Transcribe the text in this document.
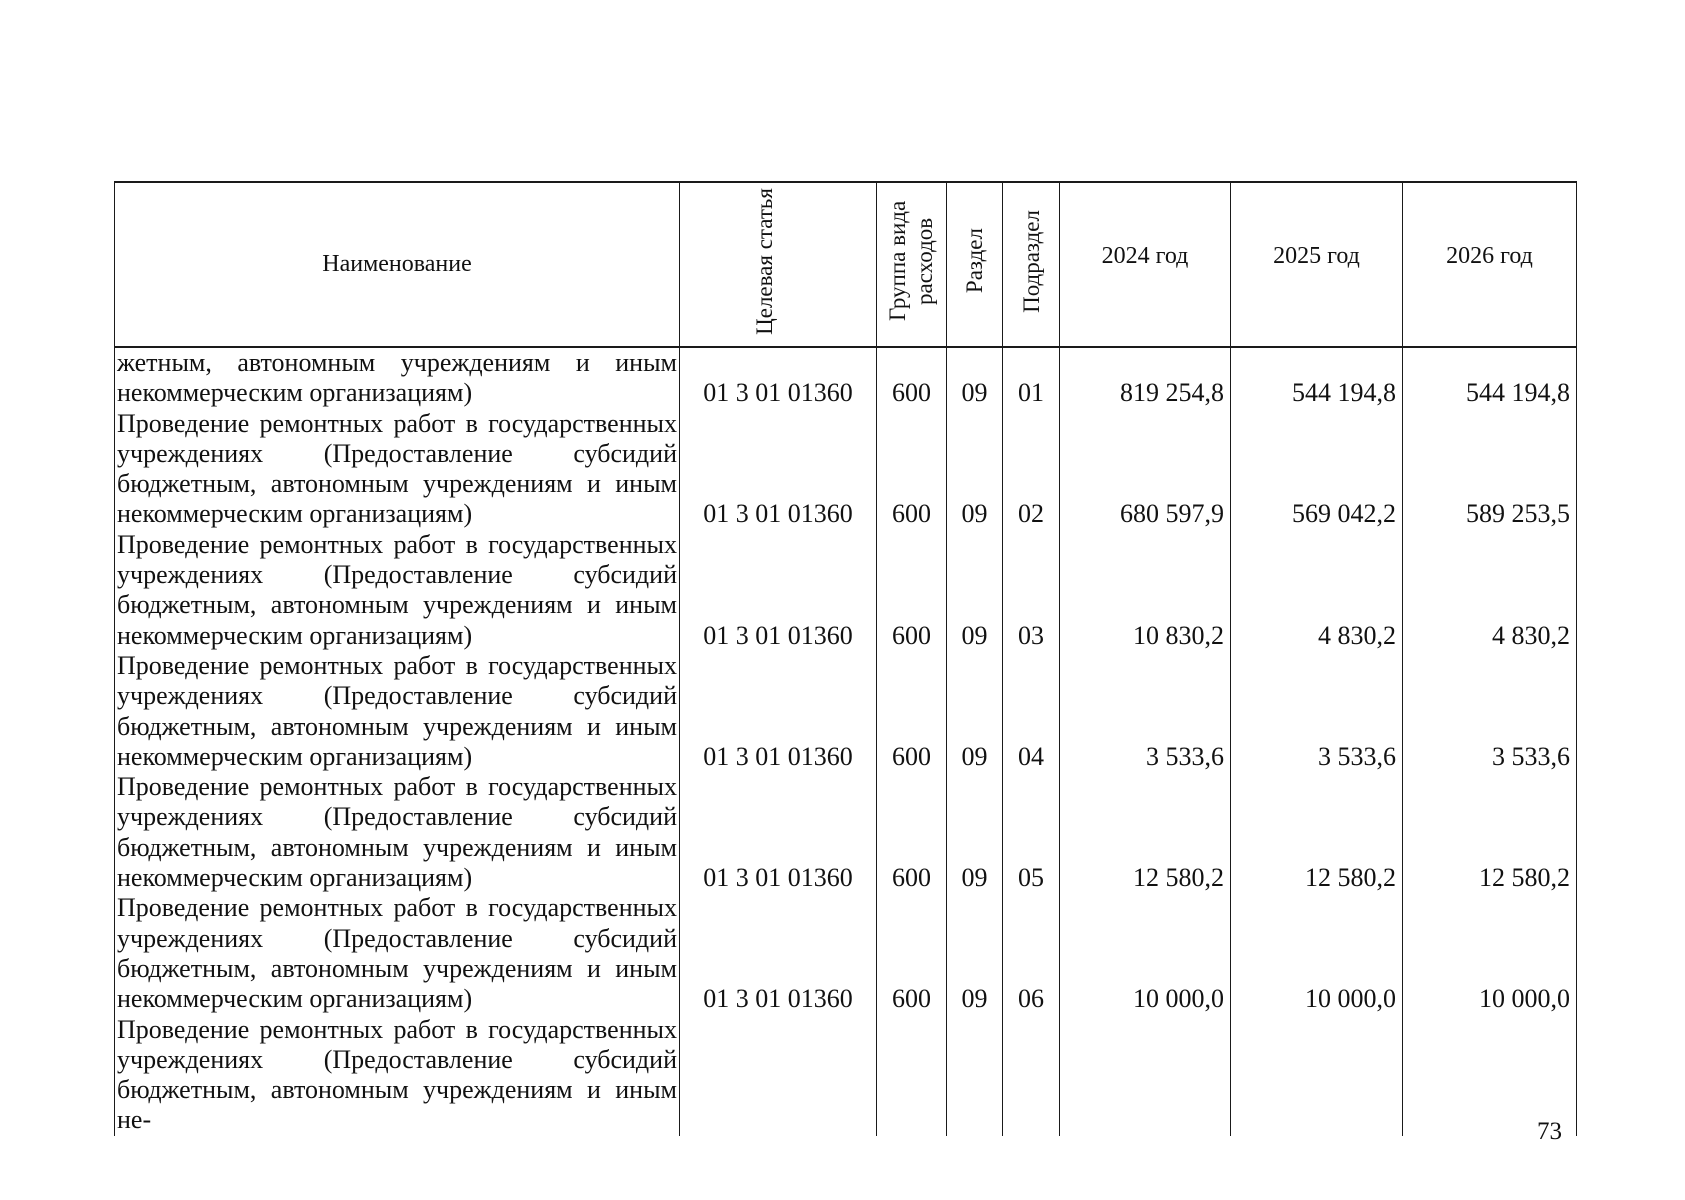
Наименование	Целевая статья	Группа вида расходов	Раздел	Подраздел	2024 год	2025 год	2026 год
жетным, автономным учреждениям и иным некоммерческим организациям)	01 3 01 01360	600	09	01	819 254,8	544 194,8	544 194,8
Проведение ремонтных работ в государственных учреждениях (Предоставление субсидий бюджетным, автономным учреждениям и иным некоммерческим организациям)	01 3 01 01360	600	09	02	680 597,9	569 042,2	589 253,5
Проведение ремонтных работ в государственных учреждениях (Предоставление субсидий бюджетным, автономным учреждениям и иным некоммерческим организациям)	01 3 01 01360	600	09	03	10 830,2	4 830,2	4 830,2
Проведение ремонтных работ в государственных учреждениях (Предоставление субсидий бюджетным, автономным учреждениям и иным некоммерческим организациям)	01 3 01 01360	600	09	04	3 533,6	3 533,6	3 533,6
Проведение ремонтных работ в государственных учреждениях (Предоставление субсидий бюджетным, автономным учреждениям и иным некоммерческим организациям)	01 3 01 01360	600	09	05	12 580,2	12 580,2	12 580,2
Проведение ремонтных работ в государственных учреждениях (Предоставление субсидий бюджетным, автономным учреждениям и иным некоммерческим организациям)	01 3 01 01360	600	09	06	10 000,0	10 000,0	10 000,0
Проведение ремонтных работ в государственных учреждениях (Предоставление субсидий бюджетным, автономным учреждениям и иным не-								73
